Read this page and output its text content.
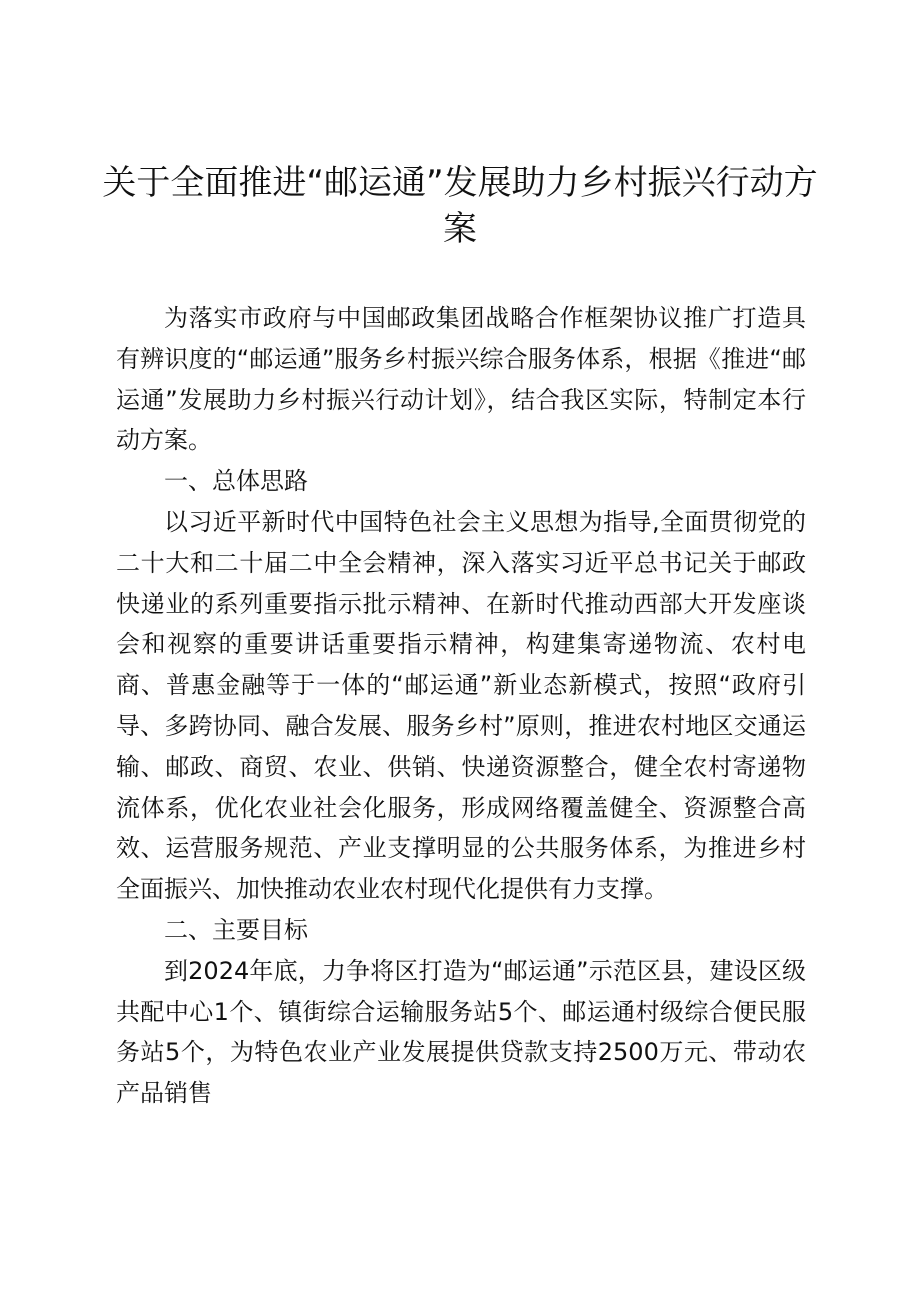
关于全面推进“邮运通”发展助力乡村振兴行动方案

为落实市政府与中国邮政集团战略合作框架协议推广打造具有辨识度的“邮运通”服务乡村振兴综合服务体系，根据《推进“邮运通”发展助力乡村振兴行动计划》，结合我区实际，特制定本行动方案。

一、总体思路

以习近平新时代中国特色社会主义思想为指导,全面贯彻党的二十大和二十届二中全会精神，深入落实习近平总书记关于邮政快递业的系列重要指示批示精神、在新时代推动西部大开发座谈会和视察的重要讲话重要指示精神，构建集寄递物流、农村电商、普惠金融等于一体的“邮运通”新业态新模式，按照“政府引导、多跨协同、融合发展、服务乡村”原则，推进农村地区交通运输、邮政、商贸、农业、供销、快递资源整合，健全农村寄递物流体系，优化农业社会化服务，形成网络覆盖健全、资源整合高效、运营服务规范、产业支撑明显的公共服务体系，为推进乡村全面振兴、加快推动农业农村现代化提供有力支撑。

二、主要目标

到2024年底，力争将区打造为“邮运通”示范区县，建设区级共配中心1个、镇街综合运输服务站5个、邮运通村级综合便民服务站5个，为特色农业产业发展提供贷款支持2500万元、带动农产品销售
